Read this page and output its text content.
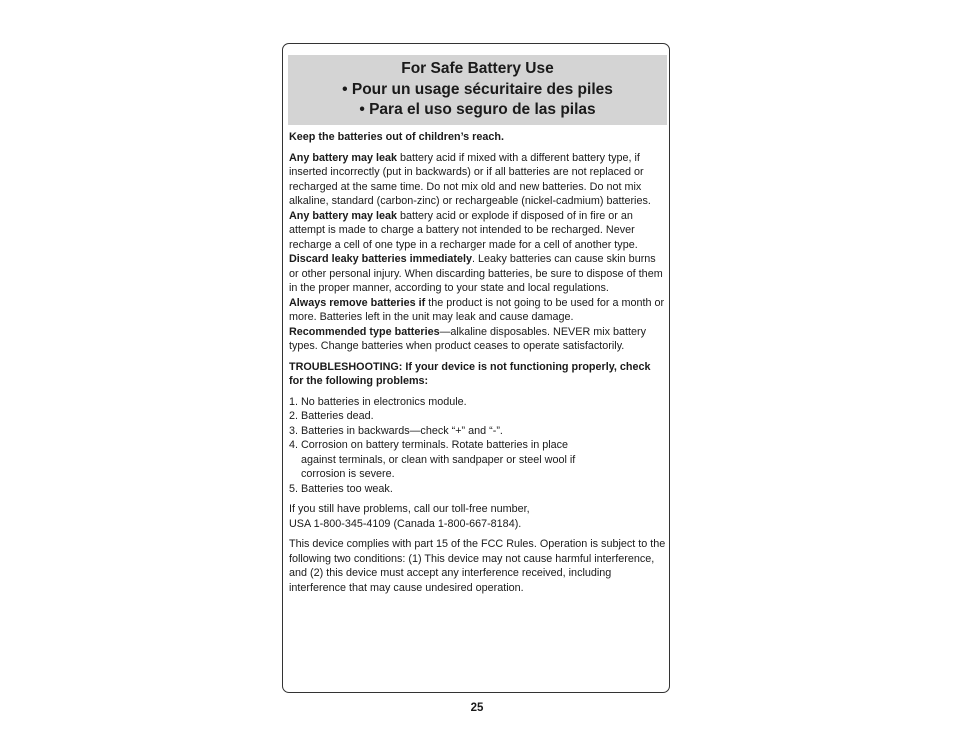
For Safe Battery Use
• Pour un usage sécuritaire des piles
• Para el uso seguro de las pilas

Keep the batteries out of children’s reach.

Any battery may leak battery acid if mixed with a different battery type, if inserted incorrectly (put in backwards) or if all batteries are not replaced or recharged at the same time. Do not mix old and new batteries. Do not mix alkaline, standard (carbon-zinc) or rechargeable (nickel-cadmium) batteries.

Any battery may leak battery acid or explode if disposed of in fire or an attempt is made to charge a battery not intended to be recharged. Never recharge a cell of one type in a recharger made for a cell of another type.

Discard leaky batteries immediately. Leaky batteries can cause skin burns or other personal injury. When discarding batteries, be sure to dispose of them in the proper manner, according to your state and local regulations.

Always remove batteries if the product is not going to be used for a month or more. Batteries left in the unit may leak and cause damage.

Recommended type batteries—alkaline disposables. NEVER mix battery types. Change batteries when product ceases to operate satisfactorily.

TROUBLESHOOTING: If your device is not functioning properly, check for the following problems:

1. No batteries in electronics module.

2. Batteries dead.

3. Batteries in backwards—check “+” and “-”.

4. Corrosion on battery terminals. Rotate batteries in place

against terminals, or clean with sandpaper or steel wool if

corrosion is severe.

5. Batteries too weak.

If you still have problems, call our toll-free number,

USA 1-800-345-4109 (Canada 1-800-667-8184).

This device complies with part 15 of the FCC Rules. Operation is subject to the following two conditions: (1) This device may not cause harmful interference, and (2) this device must accept any interference received, including interference that may cause undesired operation.

25
